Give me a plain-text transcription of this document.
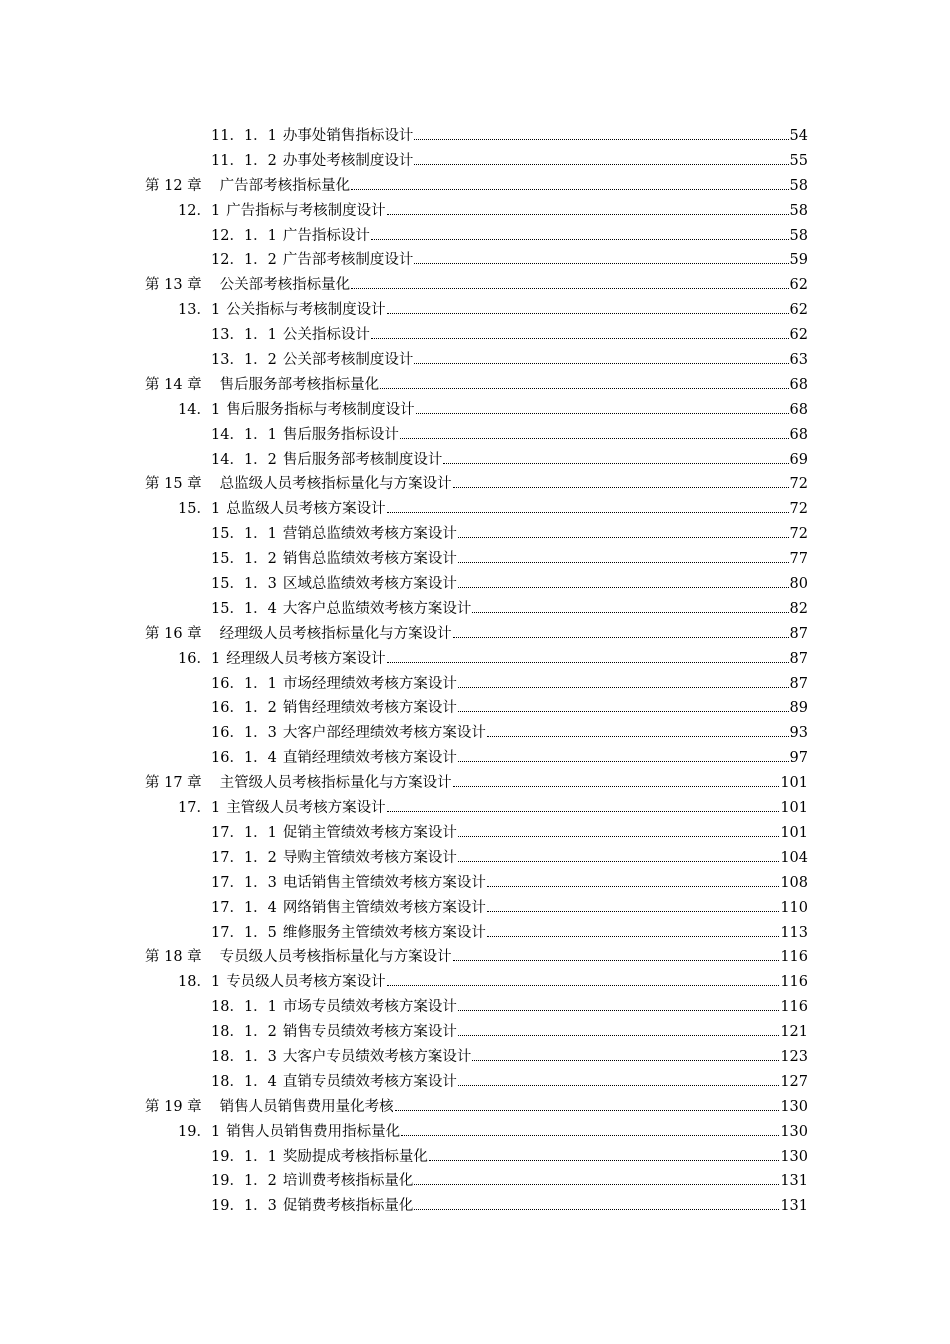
11．1．1 办事处销售指标设计	54
11．1．2 办事处考核制度设计	55
第 12 章 广告部考核指标量化	58
12．1 广告指标与考核制度设计	58
12．1．1 广告指标设计	58
12．1．2 广告部考核制度设计	59
第 13 章 公关部考核指标量化	62
13．1 公关指标与考核制度设计	62
13．1．1 公关指标设计	62
13．1．2 公关部考核制度设计	63
第 14 章 售后服务部考核指标量化	68
14．1 售后服务指标与考核制度设计	68
14．1．1 售后服务指标设计	68
14．1．2 售后服务部考核制度设计	69
第 15 章 总监级人员考核指标量化与方案设计	72
15．1 总监级人员考核方案设计	72
15．1．1 营销总监绩效考核方案设计	72
15．1．2 销售总监绩效考核方案设计	77
15．1．3 区域总监绩效考核方案设计	80
15．1．4 大客户总监绩效考核方案设计	82
第 16 章 经理级人员考核指标量化与方案设计	87
16．1 经理级人员考核方案设计	87
16．1．1 市场经理绩效考核方案设计	87
16．1．2 销售经理绩效考核方案设计	89
16．1．3 大客户部经理绩效考核方案设计	93
16．1．4 直销经理绩效考核方案设计	97
第 17 章 主管级人员考核指标量化与方案设计	101
17．1 主管级人员考核方案设计	101
17．1．1 促销主管绩效考核方案设计	101
17．1．2 导购主管绩效考核方案设计	104
17．1．3 电话销售主管绩效考核方案设计	108
17．1．4 网络销售主管绩效考核方案设计	110
17．1．5 维修服务主管绩效考核方案设计	113
第 18 章 专员级人员考核指标量化与方案设计	116
18．1 专员级人员考核方案设计	116
18．1．1 市场专员绩效考核方案设计	116
18．1．2 销售专员绩效考核方案设计	121
18．1．3 大客户专员绩效考核方案设计	123
18．1．4 直销专员绩效考核方案设计	127
第 19 章 销售人员销售费用量化考核	130
19．1 销售人员销售费用指标量化	130
19．1．1 奖励提成考核指标量化	130
19．1．2 培训费考核指标量化	131
19．1．3 促销费考核指标量化	131
